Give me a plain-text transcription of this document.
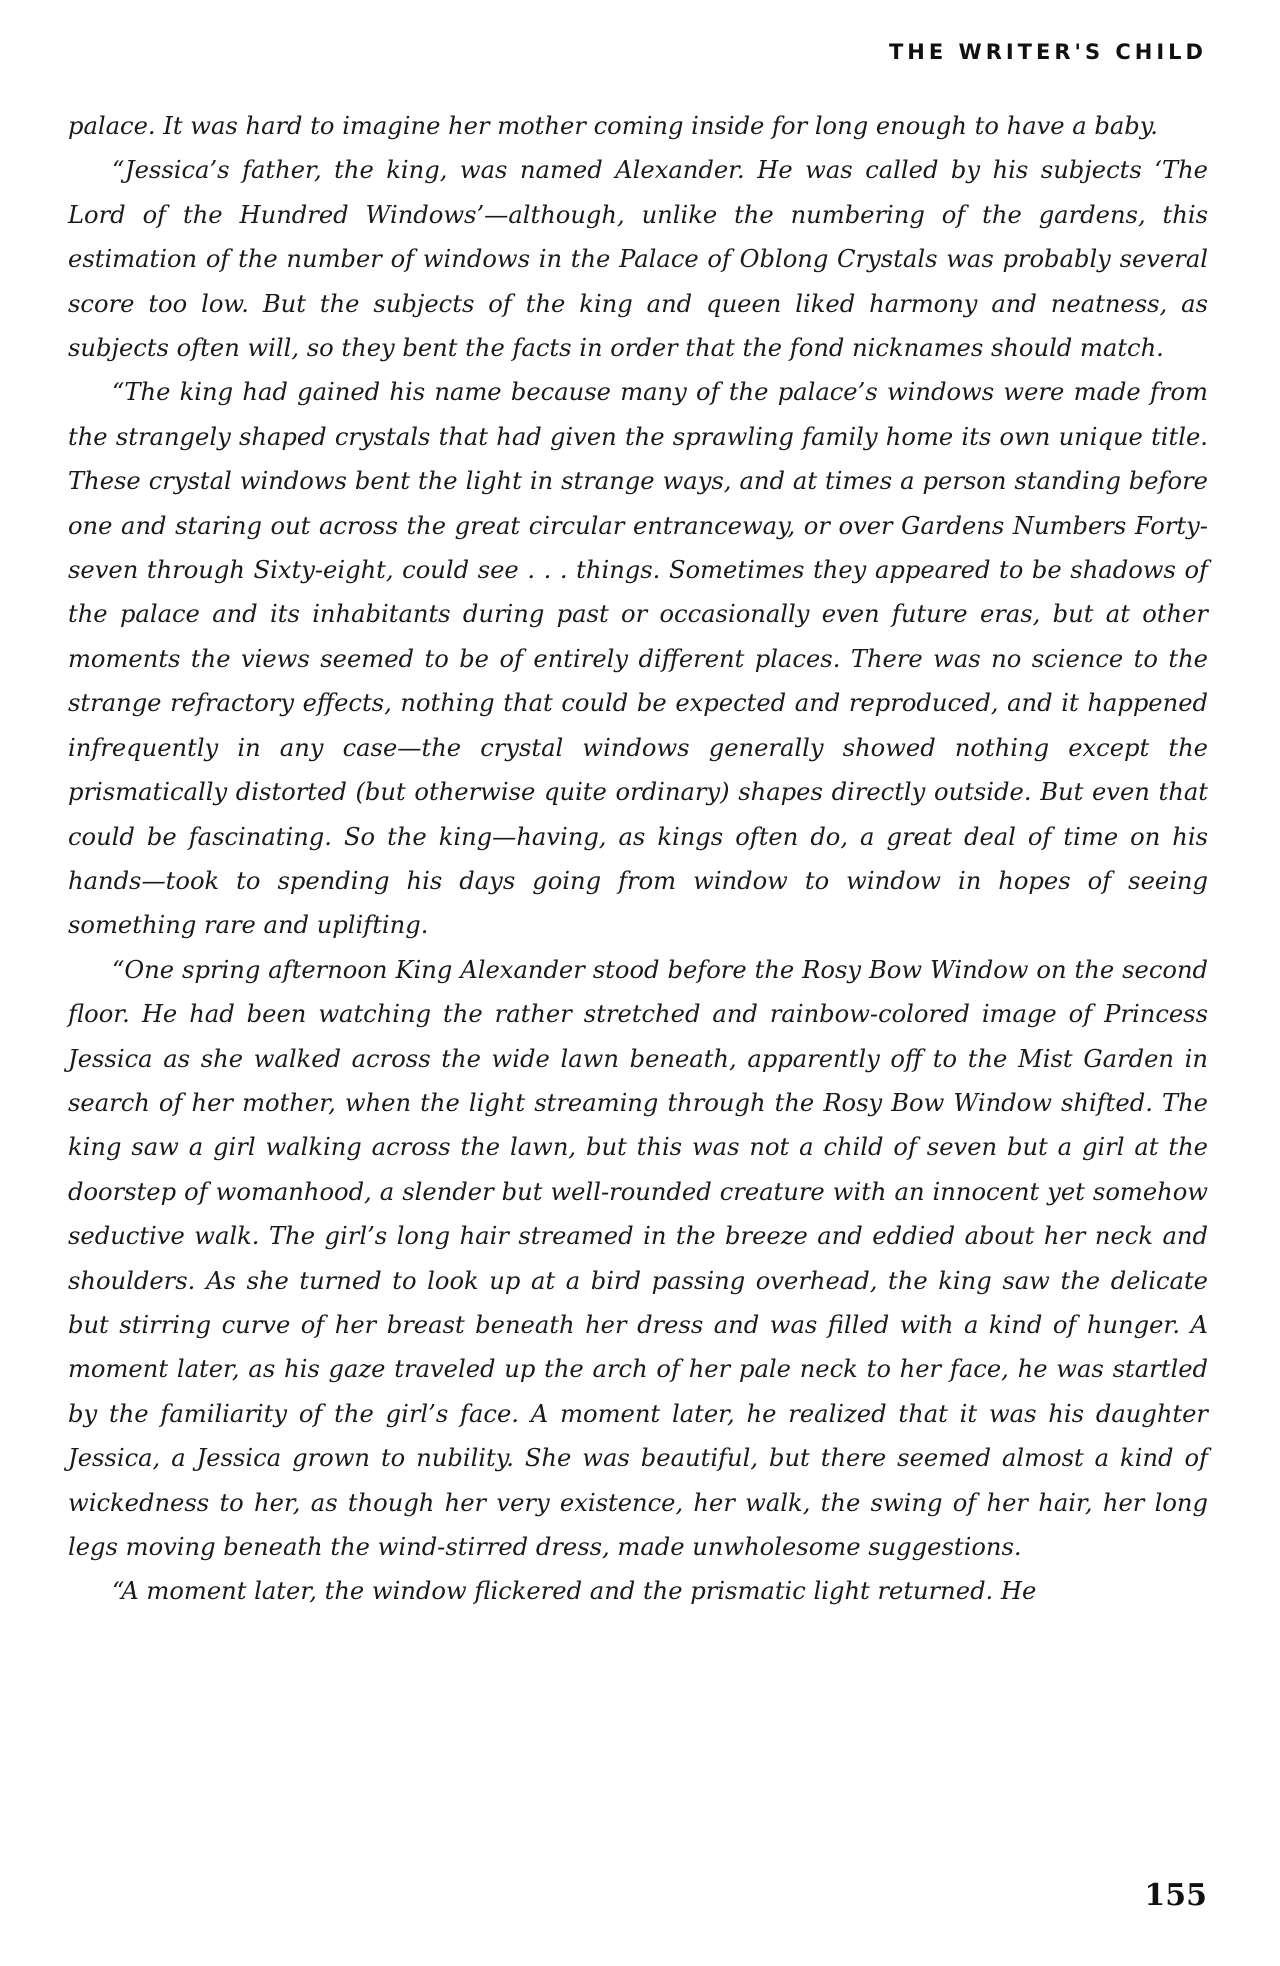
THE WRITER'S CHILD

palace. It was hard to imagine her mother coming inside for long enough to have a baby.

“Jessica’s father, the king, was named Alexander. He was called by his subjects ‘The Lord of the Hundred Windows’—although, unlike the numbering of the gardens, this estimation of the number of windows in the Palace of Oblong Crystals was probably several score too low. But the subjects of the king and queen liked harmony and neatness, as subjects often will, so they bent the facts in order that the fond nicknames should match.

“The king had gained his name because many of the palace’s windows were made from the strangely shaped crystals that had given the sprawling family home its own unique title. These crystal windows bent the light in strange ways, and at times a person standing before one and staring out across the great circular entranceway, or over Gardens Numbers Forty-seven through Sixty-eight, could see . . . things. Sometimes they appeared to be shadows of the palace and its inhabitants during past or occasionally even future eras, but at other moments the views seemed to be of entirely different places. There was no science to the strange refractory effects, nothing that could be expected and reproduced, and it happened infrequently in any case—the crystal windows generally showed nothing except the prismatically distorted (but otherwise quite ordinary) shapes directly outside. But even that could be fascinating. So the king—having, as kings often do, a great deal of time on his hands—took to spending his days going from window to window in hopes of seeing something rare and uplifting.

“One spring afternoon King Alexander stood before the Rosy Bow Window on the second floor. He had been watching the rather stretched and rainbow-colored image of Princess Jessica as she walked across the wide lawn beneath, apparently off to the Mist Garden in search of her mother, when the light streaming through the Rosy Bow Window shifted. The king saw a girl walking across the lawn, but this was not a child of seven but a girl at the doorstep of womanhood, a slender but well-rounded creature with an innocent yet somehow seductive walk. The girl’s long hair streamed in the breeze and eddied about her neck and shoulders. As she turned to look up at a bird passing overhead, the king saw the delicate but stirring curve of her breast beneath her dress and was filled with a kind of hunger. A moment later, as his gaze traveled up the arch of her pale neck to her face, he was startled by the familiarity of the girl’s face. A moment later, he realized that it was his daughter Jessica, a Jessica grown to nubility. She was beautiful, but there seemed almost a kind of wickedness to her, as though her very existence, her walk, the swing of her hair, her long legs moving beneath the wind-stirred dress, made unwholesome suggestions.

“A moment later, the window flickered and the prismatic light returned. He

155
